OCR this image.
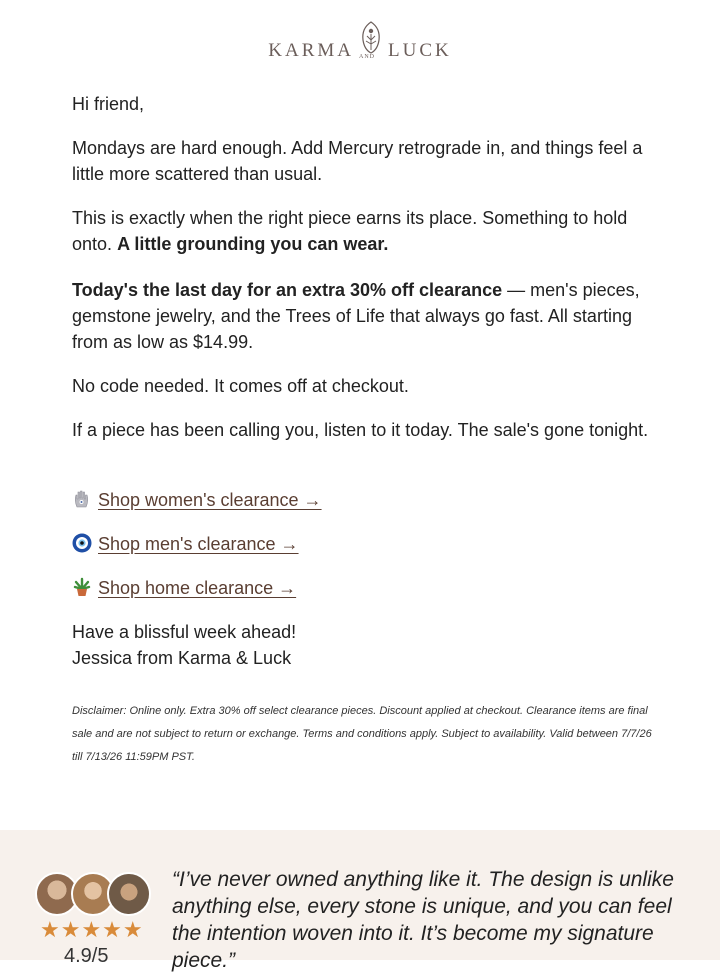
KARMA LUCK
AND

Hi friend,

Mondays are hard enough. Add Mercury retrograde in, and things feel a little more scattered than usual.

This is exactly when the right piece earns its place. Something to hold onto. A little grounding you can wear.

Today's the last day for an extra 30% off clearance — men's pieces, gemstone jewelry, and the Trees of Life that always go fast. All starting from as low as $14.99.

No code needed. It comes off at checkout.

If a piece has been calling you, listen to it today. The sale's gone tonight.

Shop women's clearance →
Shop men's clearance →
Shop home clearance →
Have a blissful week ahead!
Jessica from Karma & Luck
Disclaimer: Online only. Extra 30% off select clearance pieces. Discount applied at checkout. Clearance items are final sale and are not subject to return or exchange. Terms and conditions apply. Subject to availability. Valid between 7/7/26 till 7/13/26 11:59PM PST.
★★★★★
4.9/5
“I’ve never owned anything like it. The design is unlike anything else, every stone is unique, and you can feel the intention woven into it. It’s become my signature piece.”
